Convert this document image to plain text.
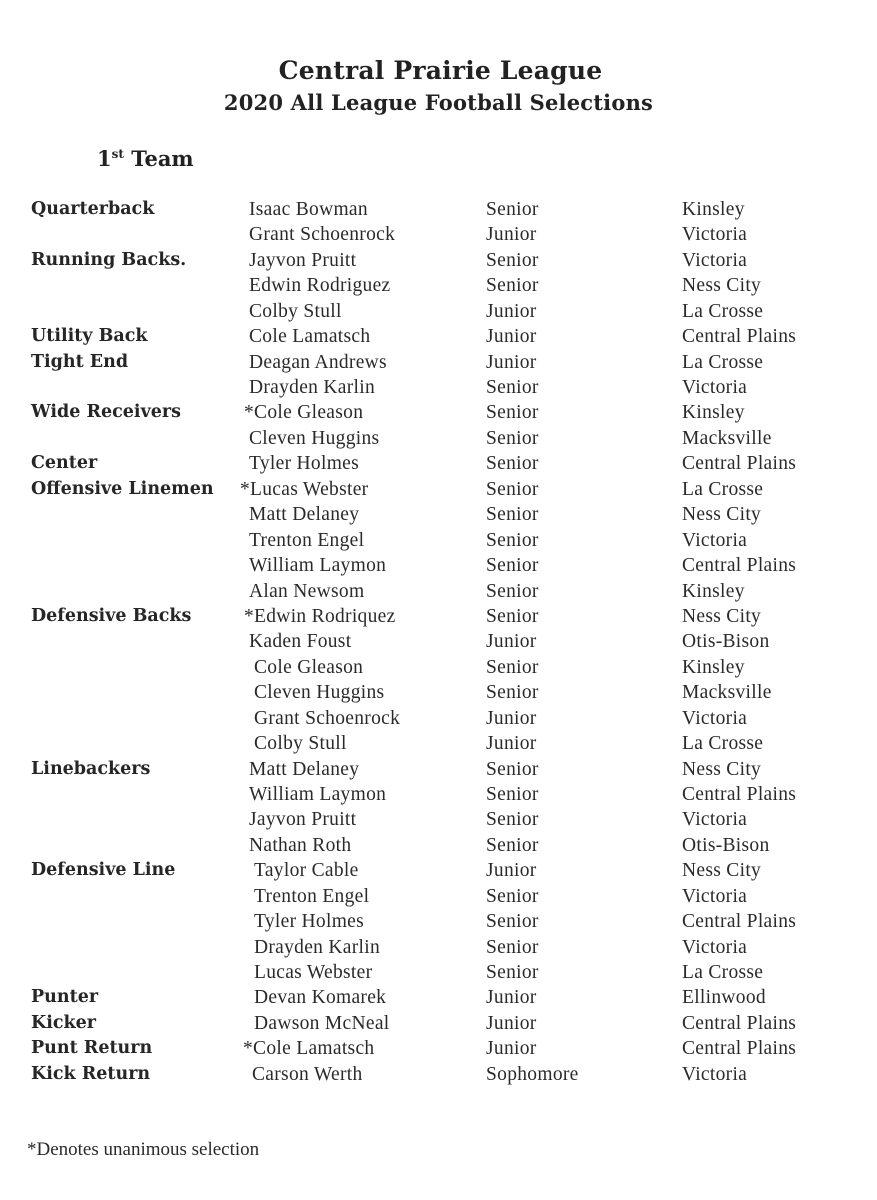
Central Prairie League
2020 All League Football Selections
1st Team
Quarterback	Isaac Bowman	Senior	Kinsley
Grant Schoenrock	Junior	Victoria
Running Backs.	Jayvon Pruitt	Senior	Victoria
Edwin Rodriguez	Senior	Ness City
Colby Stull	Junior	La Crosse
Utility Back	Cole Lamatsch	Junior	Central Plains
Tight End	Deagan Andrews	Junior	La Crosse
Drayden Karlin	Senior	Victoria
Wide Receivers	*Cole Gleason	Senior	Kinsley
Cleven Huggins	Senior	Macksville
Center	Tyler Holmes	Senior	Central Plains
Offensive Linemen *Lucas Webster	Senior	La Crosse
Matt Delaney	Senior	Ness City
Trenton Engel	Senior	Victoria
William Laymon	Senior	Central Plains
Alan Newsom	Senior	Kinsley
Defensive Backs	*Edwin Rodriquez	Senior	Ness City
Kaden Foust	Junior	Otis-Bison
Cole Gleason	Senior	Kinsley
Cleven Huggins	Senior	Macksville
Grant Schoenrock	Junior	Victoria
Colby Stull	Junior	La Crosse
Linebackers	Matt Delaney	Senior	Ness City
William Laymon	Senior	Central Plains
Jayvon Pruitt	Senior	Victoria
Nathan Roth	Senior	Otis-Bison
Defensive Line	Taylor Cable	Junior	Ness City
Trenton Engel	Senior	Victoria
Tyler Holmes	Senior	Central Plains
Drayden Karlin	Senior	Victoria
Lucas Webster	Senior	La Crosse
Punter	Devan Komarek	Junior	Ellinwood
Kicker	Dawson McNeal	Junior	Central Plains
Punt Return	*Cole Lamatsch	Junior	Central Plains
Kick Return	Carson Werth	Sophomore	Victoria
*Denotes unanimous selection
